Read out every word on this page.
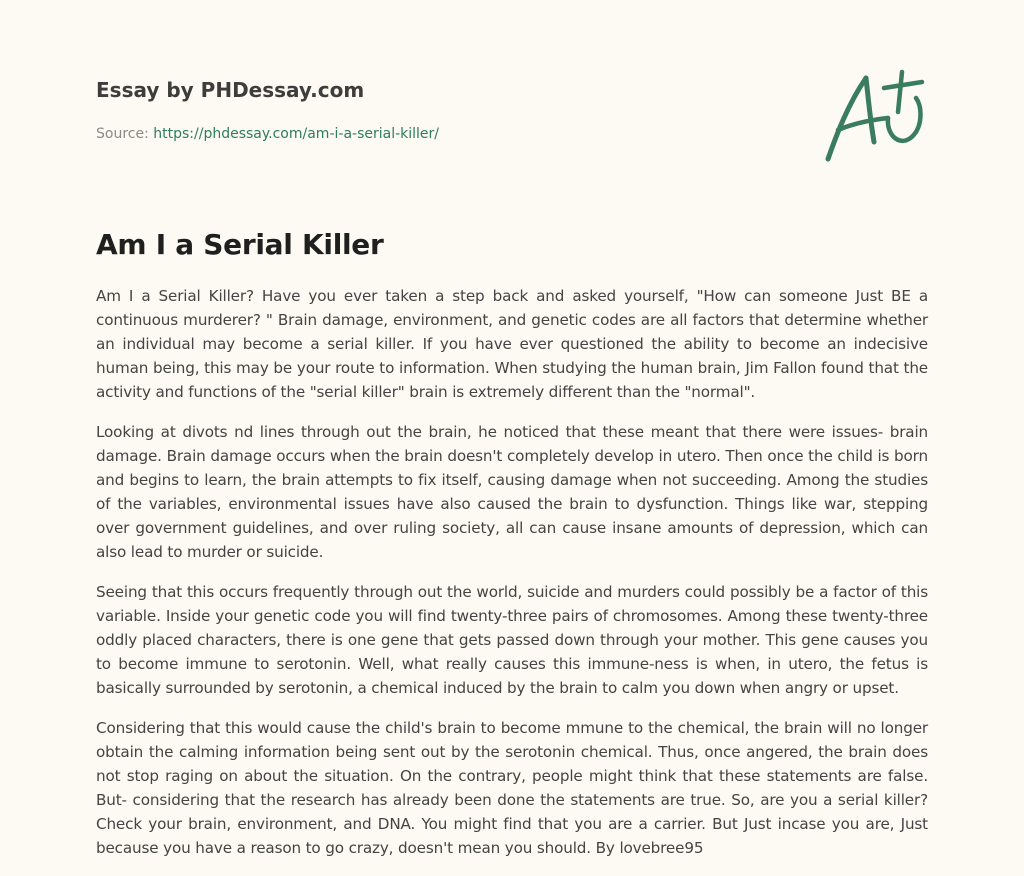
Essay by PHDessay.com
Source: https://phdessay.com/am-i-a-serial-killer/
Am I a Serial Killer

Am I a Serial Killer? Have you ever taken a step back and asked yourself, "How can someone Just BE a continuous murderer? " Brain damage, environment, and genetic codes are all factors that determine whether an individual may become a serial killer. If you have ever questioned the ability to become an indecisive human being, this may be your route to information. When studying the human brain, Jim Fallon found that the activity and functions of the "serial killer" brain is extremely different than the "normal".

Looking at divots nd lines through out the brain, he noticed that these meant that there were issues- brain damage. Brain damage occurs when the brain doesn't completely develop in utero. Then once the child is born and begins to learn, the brain attempts to fix itself, causing damage when not succeeding. Among the studies of the variables, environmental issues have also caused the brain to dysfunction. Things like war, stepping over government guidelines, and over ruling society, all can cause insane amounts of depression, which can also lead to murder or suicide.

Seeing that this occurs frequently through out the world, suicide and murders could possibly be a factor of this variable. Inside your genetic code you will find twenty-three pairs of chromosomes. Among these twenty-three oddly placed characters, there is one gene that gets passed down through your mother. This gene causes you to become immune to serotonin. Well, what really causes this immune-ness is when, in utero, the fetus is basically surrounded by serotonin, a chemical induced by the brain to calm you down when angry or upset.

Considering that this would cause the child's brain to become mmune to the chemical, the brain will no longer obtain the calming information being sent out by the serotonin chemical. Thus, once angered, the brain does not stop raging on about the situation. On the contrary, people might think that these statements are false. But- considering that the research has already been done the statements are true. So, are you a serial killer? Check your brain, environment, and DNA. You might find that you are a carrier. But Just incase you are, Just because you have a reason to go crazy, doesn't mean you should. By lovebree95
